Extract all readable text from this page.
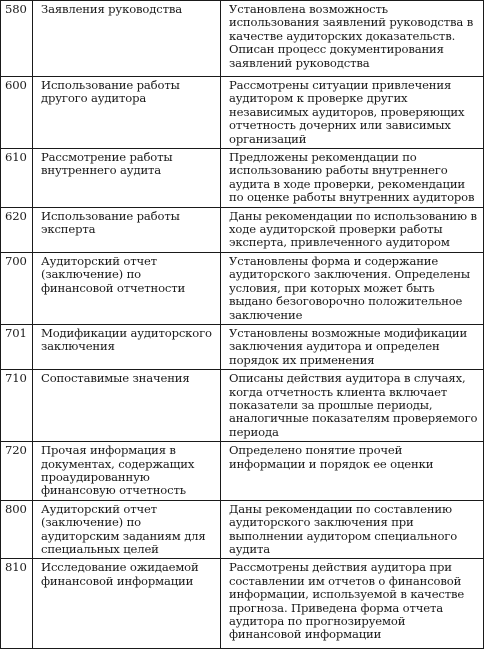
580	Заявления руководства	Установлена возможность использования заявлений руководства в качестве аудиторских доказательств. Описан процесс документирования заявлений руководства
600	Использование работы другого аудитора	Рассмотрены ситуации привлечения аудитором к проверке других независимых аудиторов, проверяющих отчетность дочерних или зависимых организаций
610	Рассмотрение работы внутреннего аудита	Предложены рекомендации по использованию работы внутреннего аудита в ходе проверки, рекомендации по оценке работы внутренних аудиторов
620	Использование работы эксперта	Даны рекомендации по использованию в ходе аудиторской проверки работы эксперта, привлеченного аудитором
700	Аудиторский отчет (заключение) по финансовой отчетности	Установлены форма и содержание аудиторского заключения. Определены условия, при которых может быть выдано безоговорочно положительное заключение
701	Модификации аудиторского заключения	Установлены возможные модификации заключения аудитора и определен порядок их применения
710	Сопоставимые значения	Описаны действия аудитора в случаях, когда отчетность клиента включает показатели за прошлые периоды, аналогичные показателям проверяемого периода
720	Прочая информация в документах, содержащих проаудированную финансовую отчетность	Определено понятие прочей информации и порядок ее оценки
800	Аудиторский отчет (заключение) по аудиторским заданиям для специальных целей	Даны рекомендации по составлению аудиторского заключения при выполнении аудитором специального аудита
810	Исследование ожидаемой финансовой информации	Рассмотрены действия аудитора при составлении им отчетов о финансовой информации, используемой в качестве прогноза. Приведена форма отчета аудитора по прогнозируемой финансовой информации
